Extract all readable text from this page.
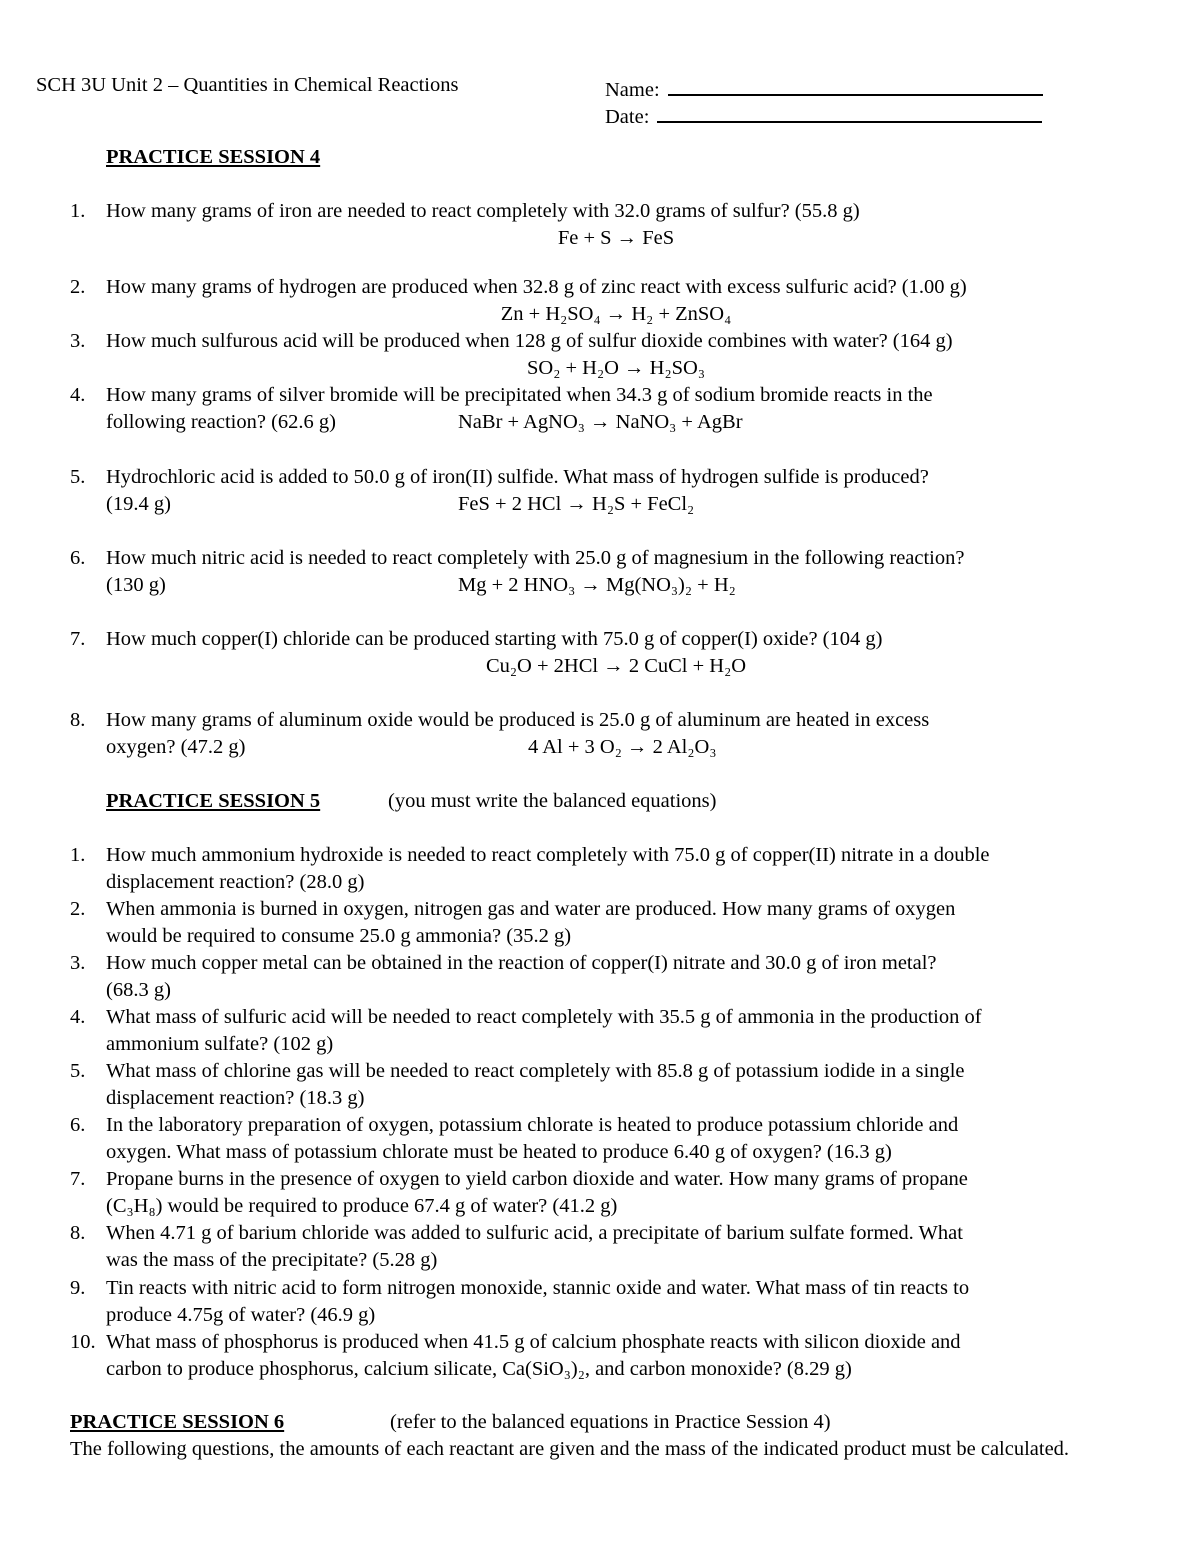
SCH 3U Unit 2 – Quantities in Chemical Reactions	Name:
Date:
PRACTICE SESSION 4
1.	How many grams of iron are needed to react completely with 32.0 grams of sulfur? (55.8 g)
Fe + S → FeS
2.	How many grams of hydrogen are produced when 32.8 g of zinc react with excess sulfuric acid? (1.00 g)
Zn + H₂SO₄ → H₂ + ZnSO₄
3.	How much sulfurous acid will be produced when 128 g of sulfur dioxide combines with water? (164 g)
SO₂ + H₂O → H₂SO₃
4.	How many grams of silver bromide will be precipitated when 34.3 g of sodium bromide reacts in the
following reaction? (62.6 g)	NaBr + AgNO₃ → NaNO₃ + AgBr
5.	Hydrochloric acid is added to 50.0 g of iron(II) sulfide. What mass of hydrogen sulfide is produced?
(19.4 g)	FeS + 2 HCl → H₂S + FeCl₂
6.	How much nitric acid is needed to react completely with 25.0 g of magnesium in the following reaction?
(130 g)	Mg + 2 HNO₃ → Mg(NO₃)₂ + H₂
7.	How much copper(I) chloride can be produced starting with 75.0 g of copper(I) oxide? (104 g)
Cu₂O + 2HCl → 2 CuCl + H₂O
8.	How many grams of aluminum oxide would be produced is 25.0 g of aluminum are heated in excess
oxygen? (47.2 g)	4 Al + 3 O₂ → 2 Al₂O₃
PRACTICE SESSION 5	(you must write the balanced equations)
1.	How much ammonium hydroxide is needed to react completely with 75.0 g of copper(II) nitrate in a double
displacement reaction? (28.0 g)
2.	When ammonia is burned in oxygen, nitrogen gas and water are produced. How many grams of oxygen
would be required to consume 25.0 g ammonia? (35.2 g)
3.	How much copper metal can be obtained in the reaction of copper(I) nitrate and 30.0 g of iron metal?
(68.3 g)
4.	What mass of sulfuric acid will be needed to react completely with 35.5 g of ammonia in the production of
ammonium sulfate? (102 g)
5.	What mass of chlorine gas will be needed to react completely with 85.8 g of potassium iodide in a single
displacement reaction? (18.3 g)
6.	In the laboratory preparation of oxygen, potassium chlorate is heated to produce potassium chloride and
oxygen. What mass of potassium chlorate must be heated to produce 6.40 g of oxygen? (16.3 g)
7.	Propane burns in the presence of oxygen to yield carbon dioxide and water. How many grams of propane
(C₃H₈) would be required to produce 67.4 g of water? (41.2 g)
8.	When 4.71 g of barium chloride was added to sulfuric acid, a precipitate of barium sulfate formed. What
was the mass of the precipitate? (5.28 g)
9.	Tin reacts with nitric acid to form nitrogen monoxide, stannic oxide and water. What mass of tin reacts to
produce 4.75g of water? (46.9 g)
10. What mass of phosphorus is produced when 41.5 g of calcium phosphate reacts with silicon dioxide and
carbon to produce phosphorus, calcium silicate, Ca(SiO₃)₂, and carbon monoxide? (8.29 g)
PRACTICE SESSION 6	(refer to the balanced equations in Practice Session 4)
The following questions, the amounts of each reactant are given and the mass of the indicated product must be calculated.
